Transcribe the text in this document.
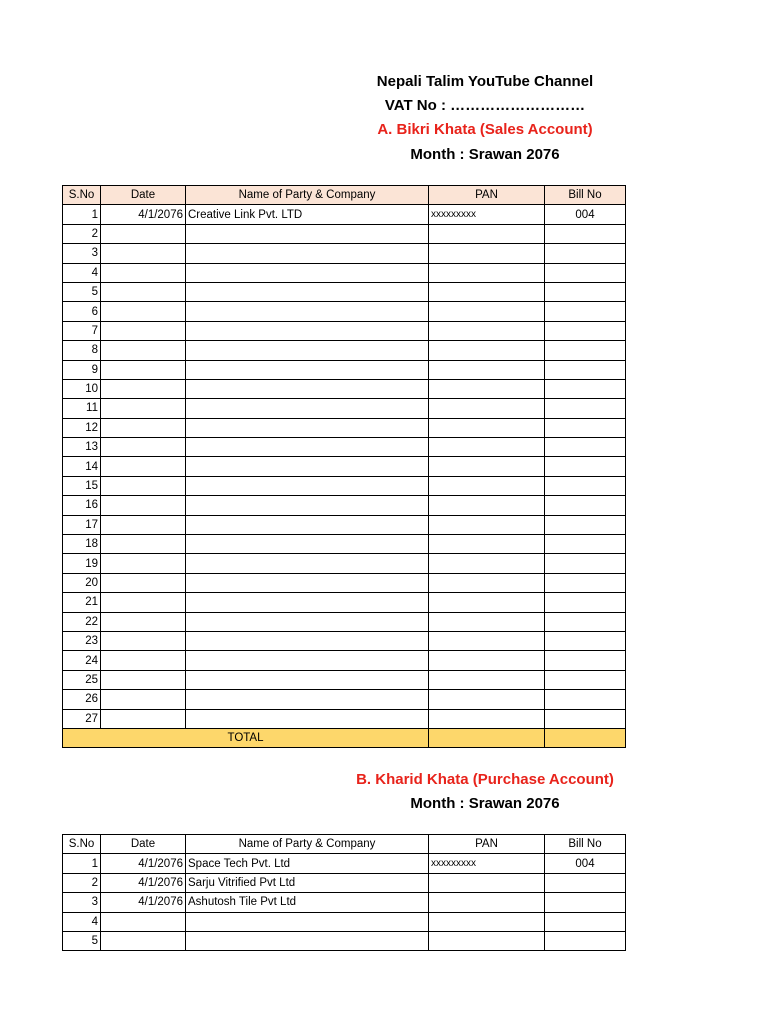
Nepali Talim YouTube Channel
VAT No : ………………………
A. Bikri Khata (Sales Account)
Month : Srawan 2076
S.No	Date	Name of Party & Company	PAN	Bill No
1	4/1/2076	Creative Link Pvt. LTD	xxxxxxxxx	004
2				
3				
4				
5				
6				
7				
8				
9				
10				
11				
12				
13				
14				
15				
16				
17				
18				
19				
20				
21				
22				
23				
24				
25				
26				
27				
TOTAL				
B. Kharid Khata (Purchase Account)
Month : Srawan 2076
S.No	Date	Name of Party & Company	PAN	Bill No
1	4/1/2076	Space Tech Pvt. Ltd	xxxxxxxxx	004
2	4/1/2076	Sarju Vitrified Pvt Ltd		
3	4/1/2076	Ashutosh Tile Pvt Ltd		
4				
5				
